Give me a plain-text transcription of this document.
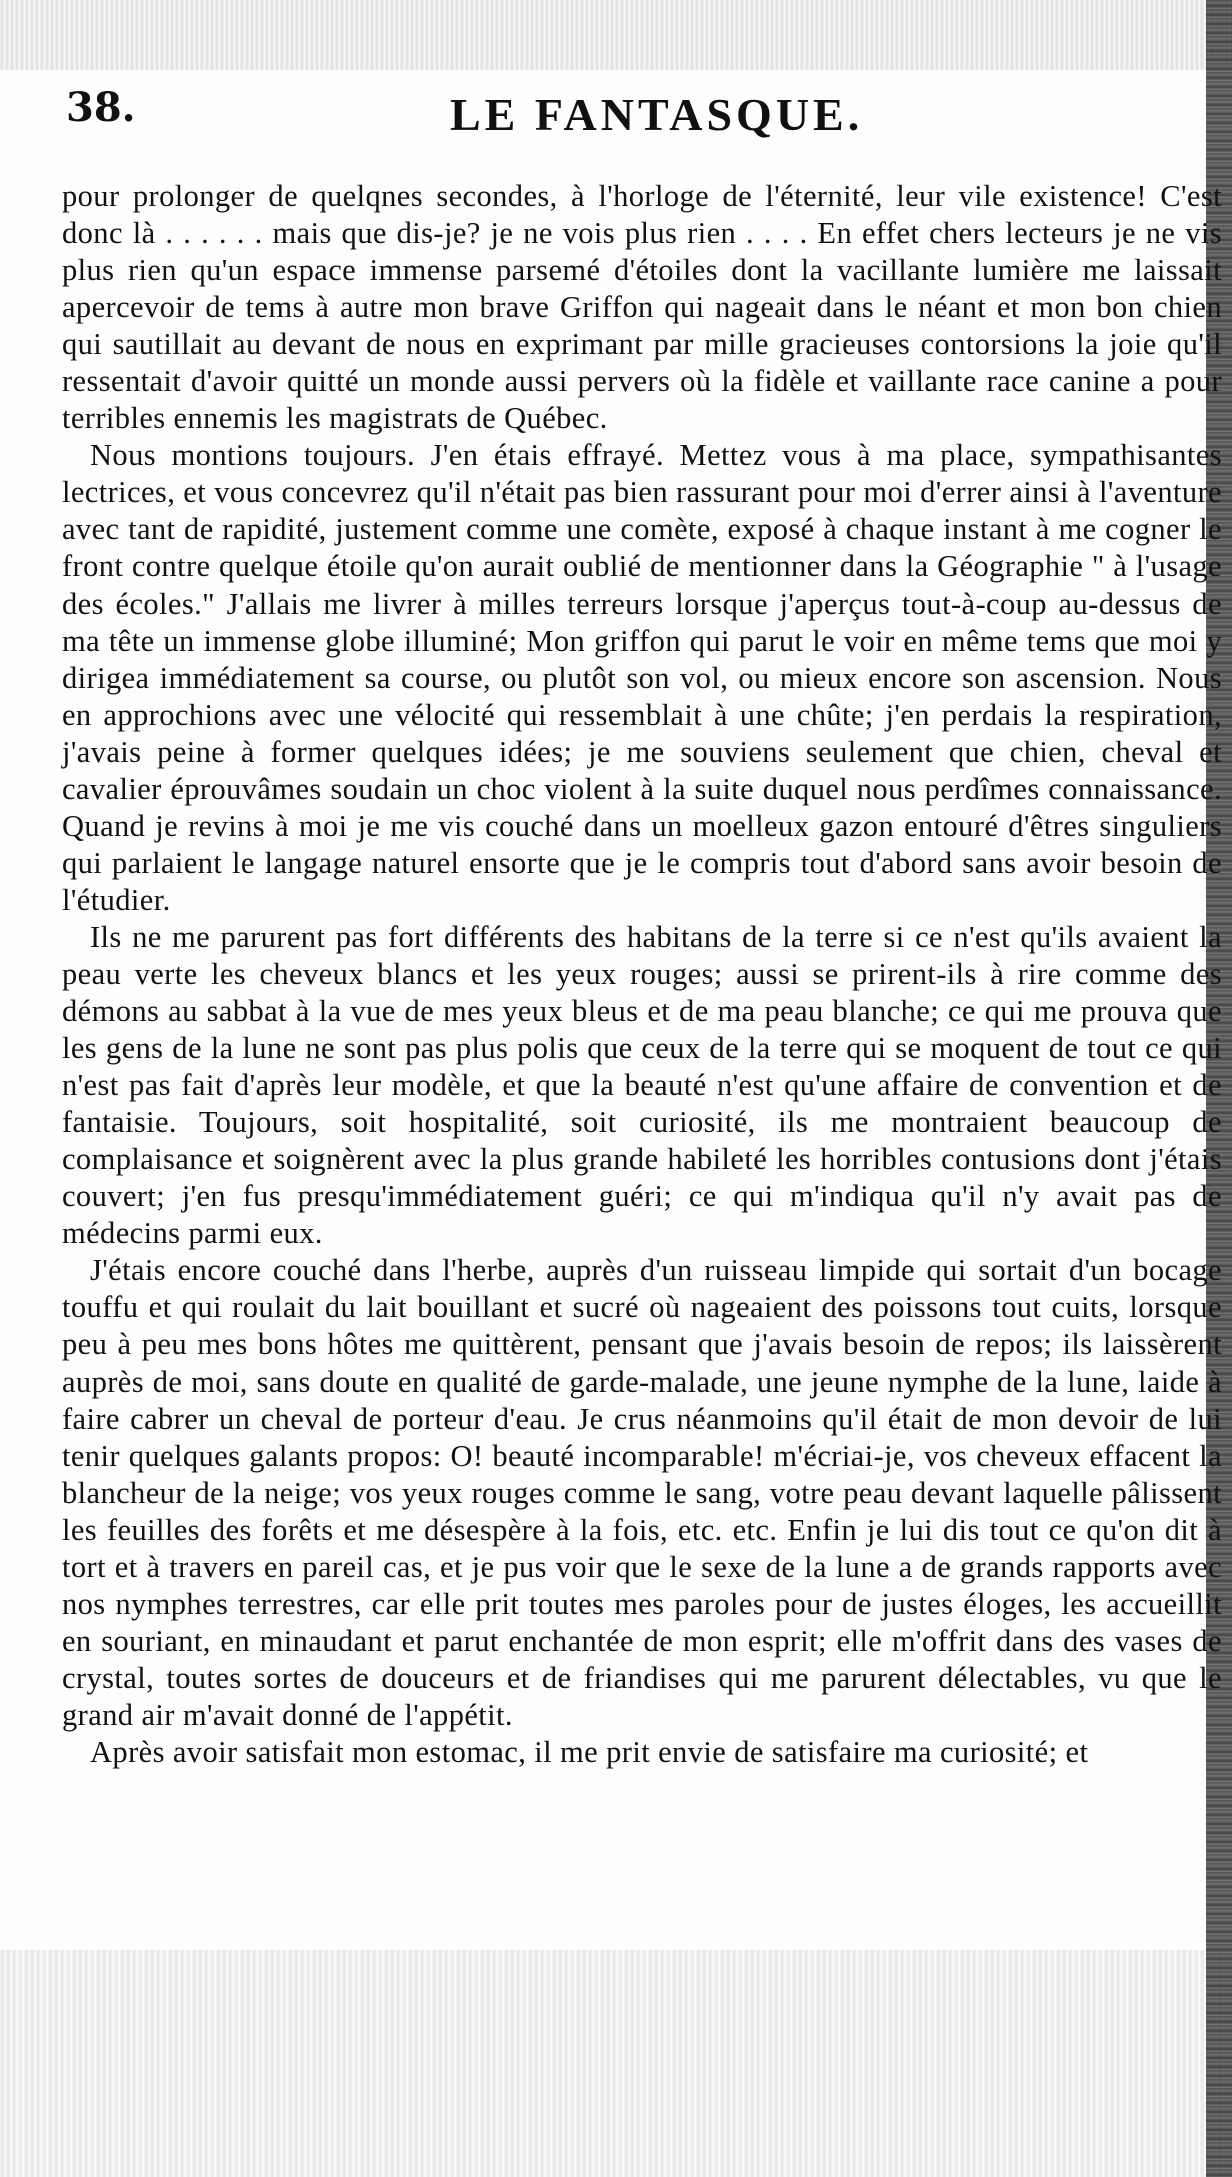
38.	LE FANTASQUE.

pour prolonger de quelqnes secondes, à l'horloge de l'éternité, leur vile existence! C'est donc là . . . . . . mais que dis-je? je ne vois plus rien . . . . En effet chers lecteurs je ne vis plus rien qu'un espace immense parsemé d'étoiles dont la vacillante lumière me laissait apercevoir de tems à autre mon brave Griffon qui nageait dans le néant et mon bon chien qui sautillait au devant de nous en exprimant par mille gracieuses contorsions la joie qu'il ressentait d'avoir quitté un monde aussi pervers où la fidèle et vaillante race canine a pour terribles ennemis les magistrats de Québec.

Nous montions toujours. J'en étais effrayé. Mettez vous à ma place, sympathisantes lectrices, et vous concevrez qu'il n'était pas bien rassurant pour moi d'errer ainsi à l'aventure avec tant de rapidité, justement comme une comète, exposé à chaque instant à me cogner le front contre quelque étoile qu'on aurait oublié de mentionner dans la Géographie " à l'usage des écoles." J'allais me livrer à milles terreurs lorsque j'aperçus tout-à-coup au-dessus de ma tête un immense globe illuminé; Mon griffon qui parut le voir en même tems que moi y dirigea immédiatement sa course, ou plutôt son vol, ou mieux encore son ascension. Nous en approchions avec une vélocité qui ressemblait à une chûte; j'en perdais la respiration, j'avais peine à former quelques idées; je me souviens seulement que chien, cheval et cavalier éprouvâmes soudain un choc violent à la suite duquel nous perdîmes connaissance. Quand je revins à moi je me vis couché dans un moelleux gazon entouré d'êtres singuliers qui parlaient le langage naturel ensorte que je le compris tout d'abord sans avoir besoin de l'étudier.

Ils ne me parurent pas fort différents des habitans de la terre si ce n'est qu'ils avaient la peau verte les cheveux blancs et les yeux rouges; aussi se prirent-ils à rire comme des démons au sabbat à la vue de mes yeux bleus et de ma peau blanche; ce qui me prouva que les gens de la lune ne sont pas plus polis que ceux de la terre qui se moquent de tout ce qui n'est pas fait d'après leur modèle, et que la beauté n'est qu'une affaire de convention et de fantaisie. Toujours, soit hospitalité, soit curiosité, ils me montraient beaucoup de complaisance et soignèrent avec la plus grande habileté les horribles contusions dont j'étais couvert; j'en fus presqu'immédiatement guéri; ce qui m'indiqua qu'il n'y avait pas de médecins parmi eux.

J'étais encore couché dans l'herbe, auprès d'un ruisseau limpide qui sortait d'un bocage touffu et qui roulait du lait bouillant et sucré où nageaient des poissons tout cuits, lorsque peu à peu mes bons hôtes me quittèrent, pensant que j'avais besoin de repos; ils laissèrent auprès de moi, sans doute en qualité de garde-malade, une jeune nymphe de la lune, laide à faire cabrer un cheval de porteur d'eau. Je crus néanmoins qu'il était de mon devoir de lui tenir quelques galants propos: O! beauté incomparable! m'écriai-je, vos cheveux effacent la blancheur de la neige; vos yeux rouges comme le sang, votre peau devant laquelle pâlissent les feuilles des forêts et me désespère à la fois, etc. etc. Enfin je lui dis tout ce qu'on dit à tort et à travers en pareil cas, et je pus voir que le sexe de la lune a de grands rapports avec nos nymphes terrestres, car elle prit toutes mes paroles pour de justes éloges, les accueillit en souriant, en minaudant et parut enchantée de mon esprit; elle m'offrit dans des vases de crystal, toutes sortes de douceurs et de friandises qui me parurent délectables, vu que le grand air m'avait donné de l'appétit.

Après avoir satisfait mon estomac, il me prit envie de satisfaire ma curiosité; et
